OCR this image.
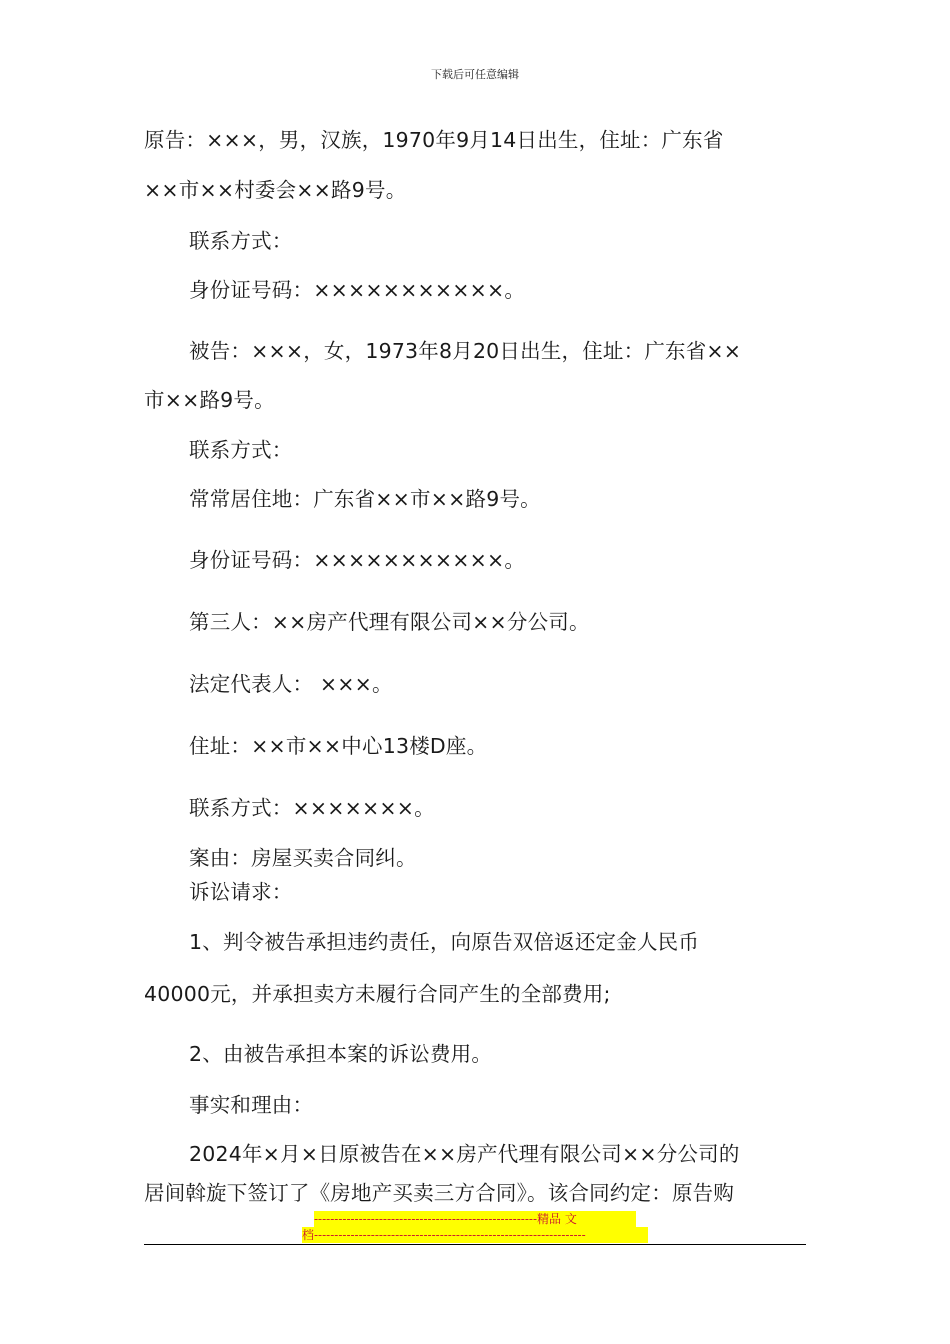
下载后可任意编辑
原告：×××，男，汉族，1970年9月14日出生，住址：广东省
××市××村委会××路9号。
联系方式：
身份证号码：×××××××××××。
被告：×××，女，1973年8月20日出生，住址：广东省××
市××路9号。
联系方式：
常常居住地：广东省××市××路9号。
身份证号码：×××××××××××。
第三人：××房产代理有限公司××分公司。
法定代表人： ×××。
住址：××市××中心13楼D座。
联系方式：×××××××。
案由：房屋买卖合同纠。
诉讼请求：
1、判令被告承担违约责任，向原告双倍返还定金人民币
40000元，并承担卖方未履行合同产生的全部费用;
2、由被告承担本案的诉讼费用。
事实和理由：
2024年×月×日原被告在××房产代理有限公司××分公司的
居间斡旋下签订了《房地产买卖三方合同》。该合同约定：原告购
-------------------------------------------------------精品 文
档-------------------------------------------------------------------
